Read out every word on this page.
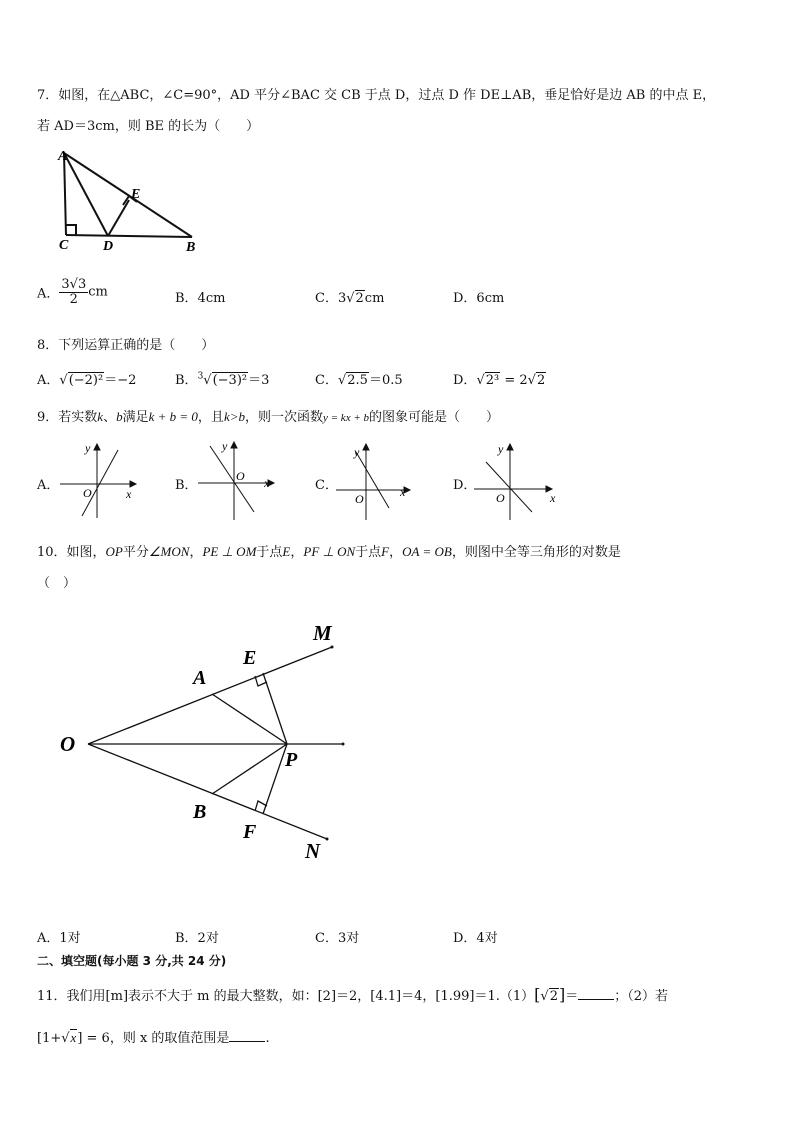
7．如图，在△ABC，∠C=90°，AD 平分∠BAC 交 CB 于点 D，过点 D 作 DE⊥AB，垂足恰好是边 AB 的中点 E，
若 AD＝3cm，则 BE 的长为（　　）
A
E
C D	B
A． $\frac{3√3}{2}$ cm	B．4cm	C．3√2cm	D．6cm
8．下列运算正确的是（　　）
A．√(−2)²＝−2	B．$^3$√(−3)²＝3	C．√2.5＝0.5	D．√2³ = 2√2
9．若实数k、b满足k + b = 0，且k>b，则一次函数y = kx + b的图象可能是（　　）
A．
y
O	x
B．
y
O x	C．
y
O	x	D．
y
O	x
10．如图，OP平分∠MON，PE ⊥ OM于点E，PF ⊥ ON于点F，OA = OB，则图中全等三角形的对数是
（　）
M
E
A
O
P
B
F
N
A．1对	B．2对	C．3对	D．4对
二、填空题(每小题 3 分,共 24 分)
11．我们用[m]表示不大于 m 的最大整数，如：[2]＝2，[4.1]＝4，[1.99]＝1.（1）[√2]＝	；（2）若
[1+√x] = 6，则 x 的取值范围是	.
